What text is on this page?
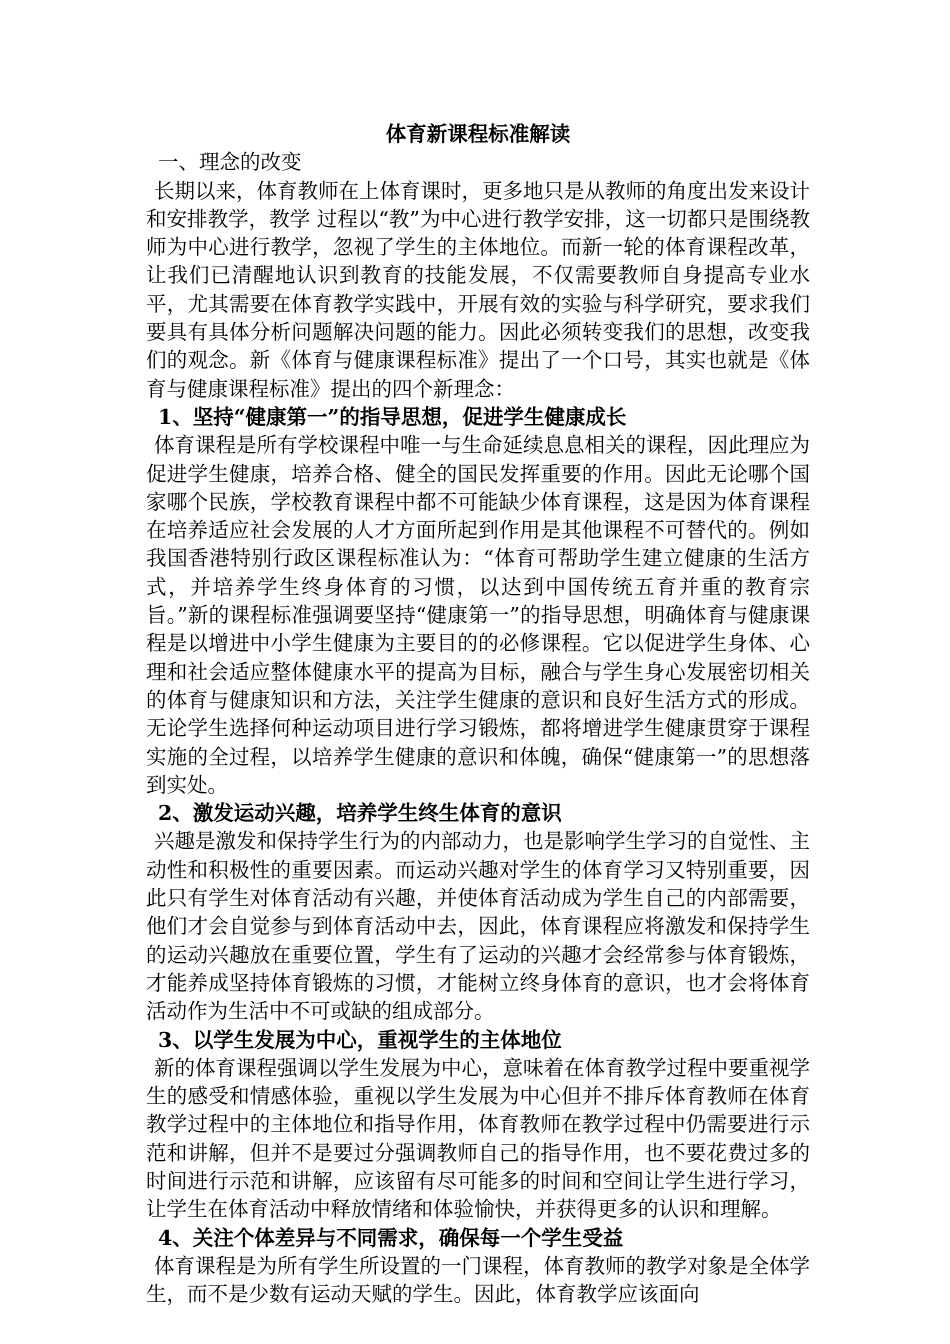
体育新课程标准解读

一、理念的改变

长期以来，体育教师在上体育课时，更多地只是从教师的角度出发来设计和安排教学，教学 过程以“教”为中心进行教学安排，这一切都只是围绕教师为中心进行教学，忽视了学生的主体地位。而新一轮的体育课程改革，让我们已清醒地认识到教育的技能发展，不仅需要教师自身提高专业水平，尤其需要在体育教学实践中，开展有效的实验与科学研究，要求我们要具有具体分析问题解决问题的能力。因此必须转变我们的思想，改变我们的观念。新《体育与健康课程标准》提出了一个口号，其实也就是《体育与健康课程标准》提出的四个新理念：

1、坚持“健康第一”的指导思想，促进学生健康成长

体育课程是所有学校课程中唯一与生命延续息息相关的课程，因此理应为促进学生健康，培养合格、健全的国民发挥重要的作用。因此无论哪个国家哪个民族，学校教育课程中都不可能缺少体育课程，这是因为体育课程在培养适应社会发展的人才方面所起到作用是其他课程不可替代的。例如我国香港特别行政区课程标准认为：“体育可帮助学生建立健康的生活方式，并培养学生终身体育的习惯，以达到中国传统五育并重的教育宗旨。”新的课程标准强调要坚持“健康第一”的指导思想，明确体育与健康课程是以增进中小学生健康为主要目的的必修课程。它以促进学生身体、心理和社会适应整体健康水平的提高为目标，融合与学生身心发展密切相关的体育与健康知识和方法，关注学生健康的意识和良好生活方式的形成。无论学生选择何种运动项目进行学习锻炼，都将增进学生健康贯穿于课程实施的全过程，以培养学生健康的意识和体魄，确保“健康第一”的思想落到实处。

2、激发运动兴趣，培养学生终生体育的意识

兴趣是激发和保持学生行为的内部动力，也是影响学生学习的自觉性、主动性和积极性的重要因素。而运动兴趣对学生的体育学习又特别重要，因此只有学生对体育活动有兴趣，并使体育活动成为学生自己的内部需要，他们才会自觉参与到体育活动中去，因此，体育课程应将激发和保持学生的运动兴趣放在重要位置，学生有了运动的兴趣才会经常参与体育锻炼，才能养成坚持体育锻炼的习惯，才能树立终身体育的意识，也才会将体育活动作为生活中不可或缺的组成部分。

3、以学生发展为中心，重视学生的主体地位

新的体育课程强调以学生发展为中心，意味着在体育教学过程中要重视学生的感受和情感体验，重视以学生发展为中心但并不排斥体育教师在体育教学过程中的主体地位和指导作用，体育教师在教学过程中仍需要进行示范和讲解，但并不是要过分强调教师自己的指导作用，也不要花费过多的时间进行示范和讲解，应该留有尽可能多的时间和空间让学生进行学习，让学生在体育活动中释放情绪和体验愉快，并获得更多的认识和理解。

4、关注个体差异与不同需求，确保每一个学生受益

体育课程是为所有学生所设置的一门课程，体育教师的教学对象是全体学生，而不是少数有运动天赋的学生。因此，体育教学应该面向
